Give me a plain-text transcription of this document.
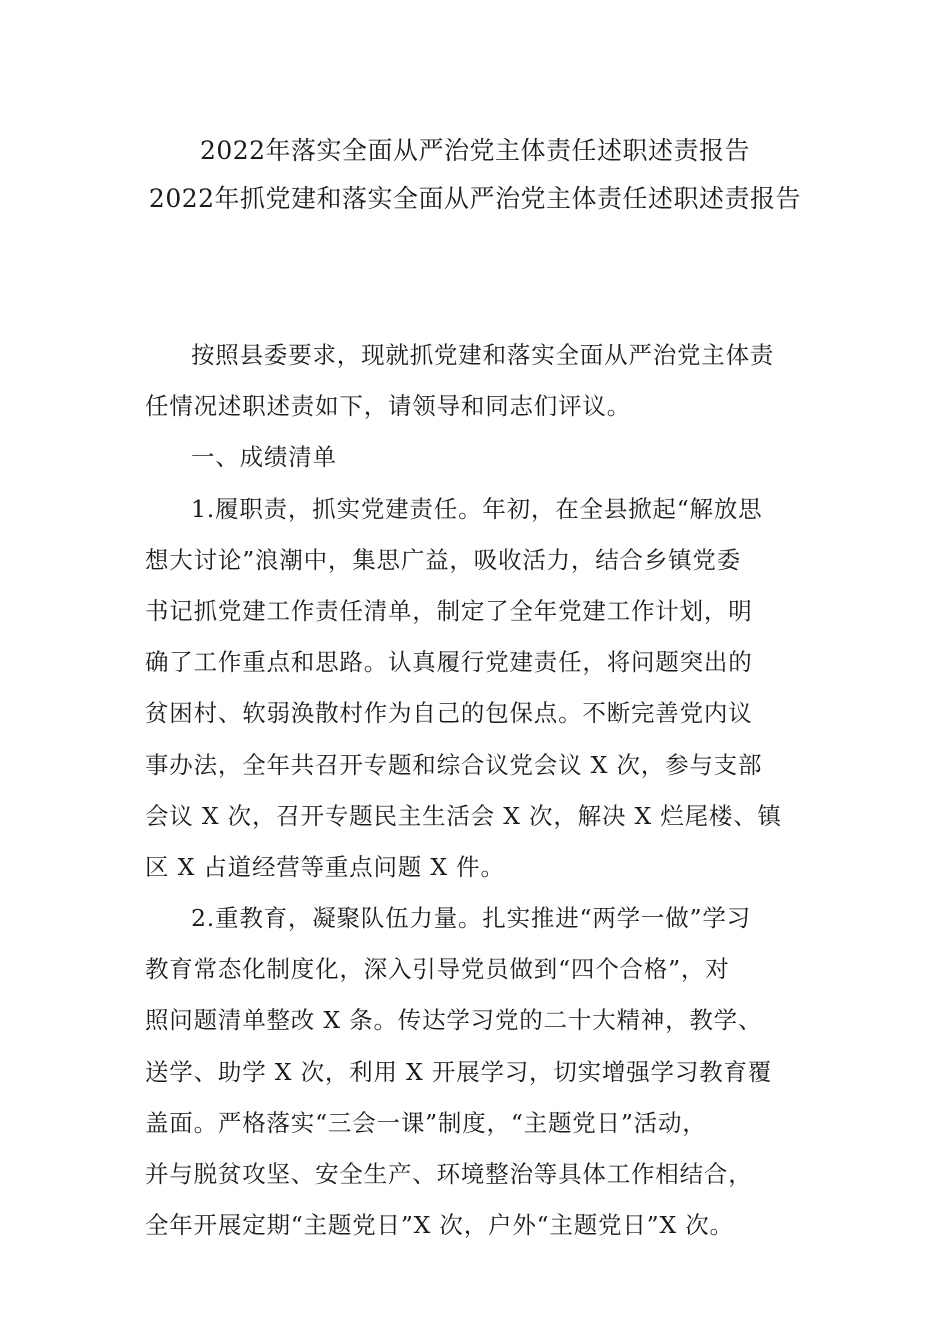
2022年落实全面从严治党主体责任述职述责报告
2022年抓党建和落实全面从严治党主体责任述职述责报告
按照县委要求，现就抓党建和落实全面从严治党主体责
任情况述职述责如下，请领导和同志们评议。
一、成绩清单
1.履职责，抓实党建责任。年初，在全县掀起“解放思
想大讨论”浪潮中，集思广益，吸收活力，结合乡镇党委
书记抓党建工作责任清单，制定了全年党建工作计划，明
确了工作重点和思路。认真履行党建责任，将问题突出的
贫困村、软弱涣散村作为自己的包保点。不断完善党内议
事办法，全年共召开专题和综合议党会议 X 次，参与支部
会议 X 次，召开专题民主生活会 X 次，解决 X 烂尾楼、镇
区 X 占道经营等重点问题 X 件。
2.重教育，凝聚队伍力量。扎实推进“两学一做”学习
教育常态化制度化，深入引导党员做到“四个合格”，对
照问题清单整改 X 条。传达学习党的二十大精神，教学、
送学、助学 X 次，利用 X 开展学习，切实增强学习教育覆
盖面。严格落实“三会一课”制度，“主题党日”活动，
并与脱贫攻坚、安全生产、环境整治等具体工作相结合，
全年开展定期“主题党日”X 次，户外“主题党日”X 次。
